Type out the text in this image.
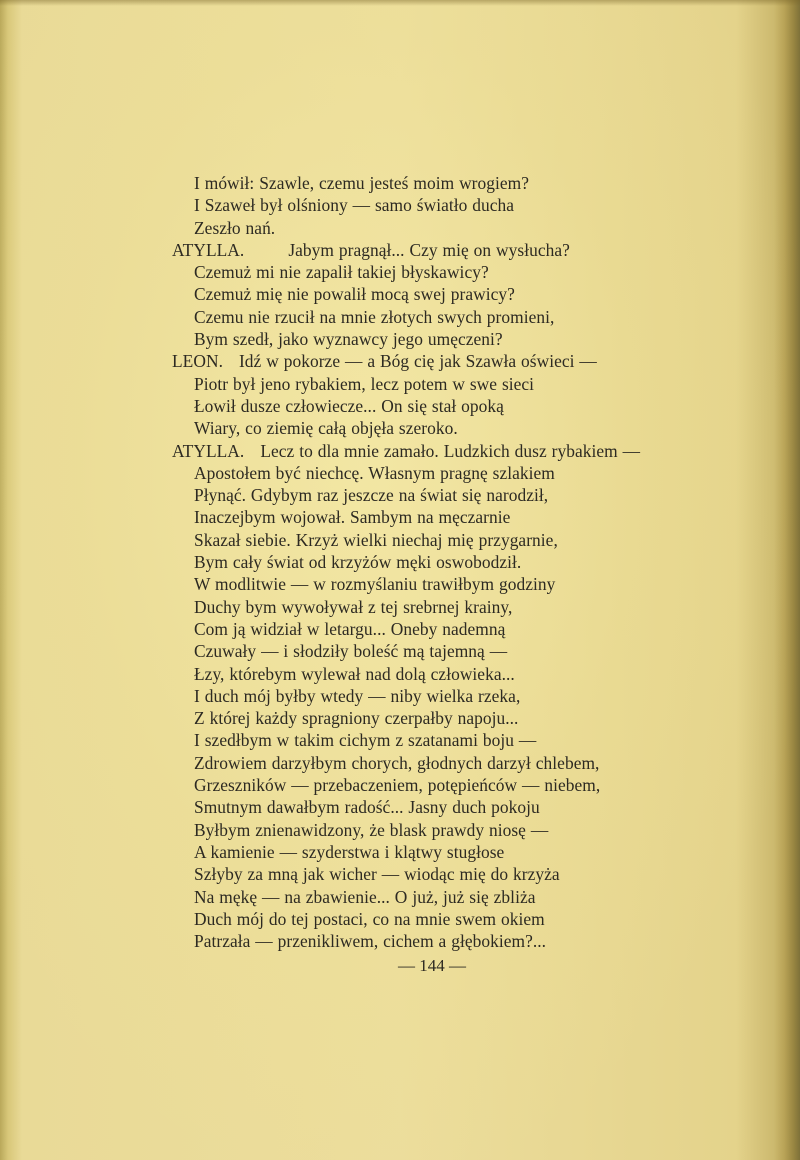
I mówił: Szawle, czemu jesteś moim wrogiem?
I Szaweł był olśniony — samo światło ducha
Zeszło nań.
ATYLLA.	Jabym pragnął... Czy mię on wysłucha?
Czemuż mi nie zapalił takiej błyskawicy?
Czemuż mię nie powalił mocą swej prawicy?
Czemu nie rzucił na mnie złotych swych promieni,
Bym szedł, jako wyznawcy jego umęczeni?
LEON. Idź w pokorze — a Bóg cię jak Szawła oświeci —
Piotr był jeno rybakiem, lecz potem w swe sieci
Łowił dusze człowiecze... On się stał opoką
Wiary, co ziemię całą objęła szeroko.
ATYLLA. Lecz to dla mnie zamało. Ludzkich dusz rybakiem —
Apostołem być niechcę. Własnym pragnę szlakiem
Płynąć. Gdybym raz jeszcze na świat się narodził,
Inaczejbym wojował. Sambym na męczarnie
Skazał siebie. Krzyż wielki niechaj mię przygarnie,
Bym cały świat od krzyżów męki oswobodził.
W modlitwie — w rozmyślaniu trawiłbym godziny
Duchy bym wywoływał z tej srebrnej krainy,
Com ją widział w letargu... Oneby nademną
Czuwały — i słodziły boleść mą tajemną —
Łzy, którebym wylewał nad dolą człowieka...
I duch mój byłby wtedy — niby wielka rzeka,
Z której każdy spragniony czerpałby napoju...
I szedłbym w takim cichym z szatanami boju —
Zdrowiem darzyłbym chorych, głodnych darzył chlebem,
Grzeszników — przebaczeniem, potępieńców — niebem,
Smutnym dawałbym radość... Jasny duch pokoju
Byłbym znienawidzony, że blask prawdy niosę —
A kamienie — szyderstwa i klątwy stugłose
Szłyby za mną jak wicher — wiodąc mię do krzyża
Na mękę — na zbawienie... O już, już się zbliża
Duch mój do tej postaci, co na mnie swem okiem
Patrzała — przenikliwem, cichem a głębokiem?...
— 144 —
